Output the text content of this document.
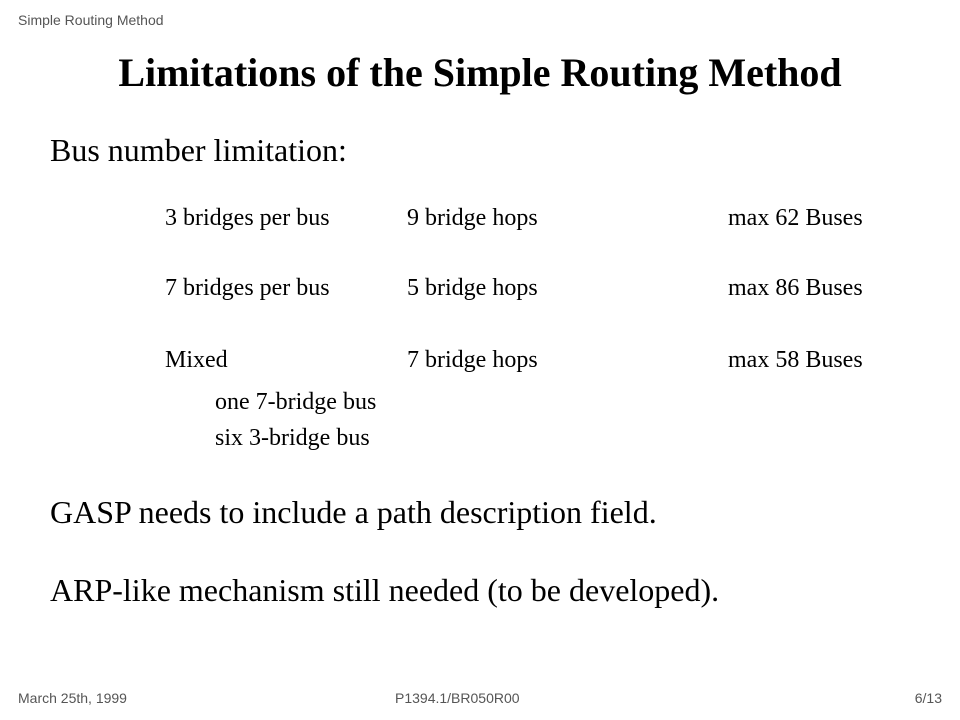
Simple Routing Method
Limitations of the Simple Routing Method
Bus number limitation:
3 bridges per bus	9 bridge hops	max 62 Buses
7 bridges per bus	5 bridge hops	max 86 Buses
Mixed	7 bridge hops	max 58 Buses
one 7-bridge bus
six 3-bridge bus
GASP needs to include a path description field.
ARP-like mechanism still needed (to be developed).
March 25th, 1999	P1394.1/BR050R00	6/13
